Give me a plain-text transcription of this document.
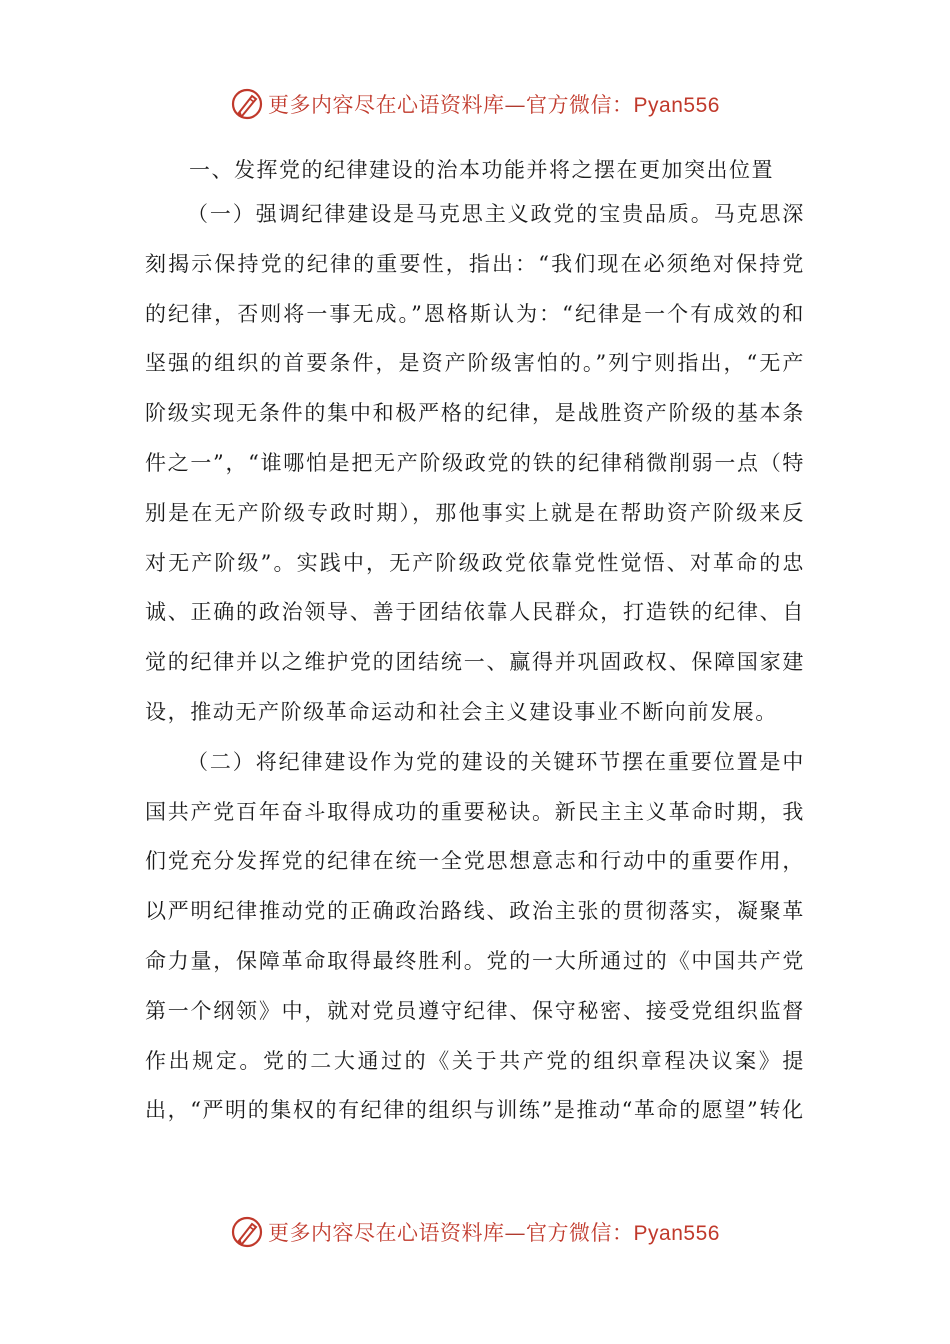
更多内容尽在心语资料库—官方微信：Pyan556

一、发挥党的纪律建设的治本功能并将之摆在更加突出位置

（一）强调纪律建设是马克思主义政党的宝贵品质。马克思深刻揭示保持党的纪律的重要性，指出：“我们现在必须绝对保持党的纪律，否则将一事无成。”恩格斯认为：“纪律是一个有成效的和坚强的组织的首要条件，是资产阶级害怕的。”列宁则指出，“无产阶级实现无条件的集中和极严格的纪律，是战胜资产阶级的基本条件之一”，“谁哪怕是把无产阶级政党的铁的纪律稍微削弱一点（特别是在无产阶级专政时期），那他事实上就是在帮助资产阶级来反对无产阶级”。实践中，无产阶级政党依靠党性觉悟、对革命的忠诚、正确的政治领导、善于团结依靠人民群众，打造铁的纪律、自觉的纪律并以之维护党的团结统一、赢得并巩固政权、保障国家建设，推动无产阶级革命运动和社会主义建设事业不断向前发展。

（二）将纪律建设作为党的建设的关键环节摆在重要位置是中国共产党百年奋斗取得成功的重要秘诀。新民主主义革命时期，我们党充分发挥党的纪律在统一全党思想意志和行动中的重要作用，以严明纪律推动党的正确政治路线、政治主张的贯彻落实，凝聚革命力量，保障革命取得最终胜利。党的一大所通过的《中国共产党第一个纲领》中，就对党员遵守纪律、保守秘密、接受党组织监督作出规定。党的二大通过的《关于共产党的组织章程决议案》提出，“严明的集权的有纪律的组织与训练”是推动“革命的愿望”转化

更多内容尽在心语资料库—官方微信：Pyan556
